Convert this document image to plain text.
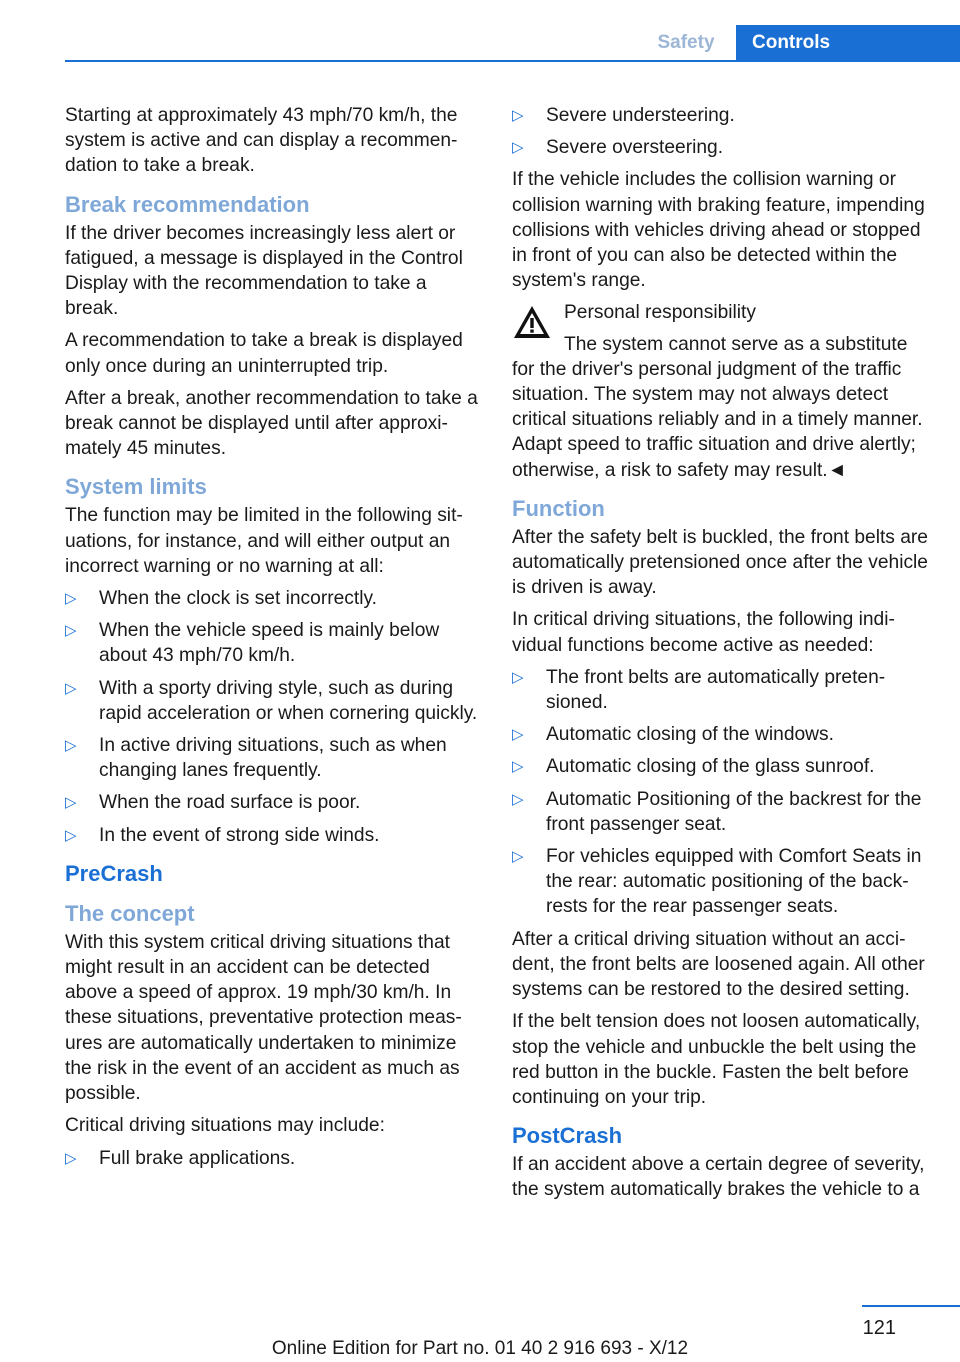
Safety	Controls

Starting at approximately 43 mph/70 km/h, the system is active and can display a recommendation to take a break.

Break recommendation

If the driver becomes increasingly less alert or fatigued, a message is displayed in the Control Display with the recommendation to take a break.

A recommendation to take a break is displayed only once during an uninterrupted trip.

After a break, another recommendation to take a break cannot be displayed until after approximately 45 minutes.

System limits

The function may be limited in the following situations, for instance, and will either output an incorrect warning or no warning at all:

▷ When the clock is set incorrectly.
▷ When the vehicle speed is mainly below about 43 mph/70 km/h.
▷ With a sporty driving style, such as during rapid acceleration or when cornering quickly.
▷ In active driving situations, such as when changing lanes frequently.
▷ When the road surface is poor.
▷ In the event of strong side winds.
PreCrash
The concept

With this system critical driving situations that might result in an accident can be detected above a speed of approx. 19 mph/30 km/h. In these situations, preventative protection measures are automatically undertaken to minimize the risk in the event of an accident as much as possible.

Critical driving situations may include:

▷ Full brake applications.
▷ Severe understeering.
▷ Severe oversteering.

If the vehicle includes the collision warning or collision warning with braking feature, impending collisions with vehicles driving ahead or stopped in front of you can also be detected within the system's range.

Personal responsibility

The system cannot serve as a substitute for the driver's personal judgment of the traffic situation. The system may not always detect critical situations reliably and in a timely manner. Adapt speed to traffic situation and drive alertly; otherwise, a risk to safety may result.◄

Function

After the safety belt is buckled, the front belts are automatically pretensioned once after the vehicle is driven is away.

In critical driving situations, the following individual functions become active as needed:

▷ The front belts are automatically pretensioned.
▷ Automatic closing of the windows.
▷ Automatic closing of the glass sunroof.
▷ Automatic Positioning of the backrest for the front passenger seat.
▷ For vehicles equipped with Comfort Seats in the rear: automatic positioning of the backrests for the rear passenger seats.

After a critical driving situation without an accident, the front belts are loosened again. All other systems can be restored to the desired setting.

If the belt tension does not loosen automatically, stop the vehicle and unbuckle the belt using the red button in the buckle. Fasten the belt before continuing on your trip.

PostCrash

If an accident above a certain degree of severity, the system automatically brakes the vehicle to a

121
Online Edition for Part no. 01 40 2 916 693 - X/12
